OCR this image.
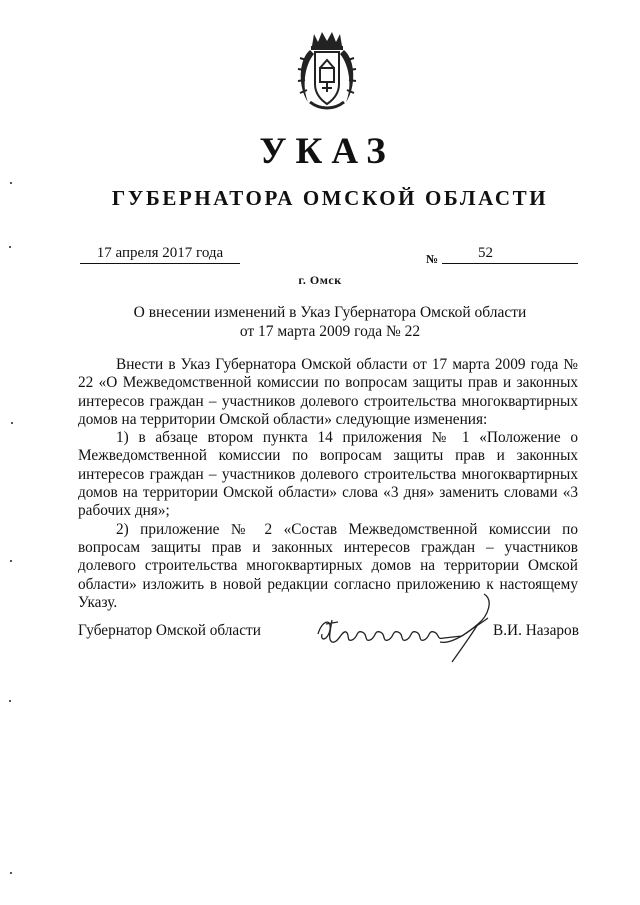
УКАЗ
ГУБЕРНАТОРА ОМСКОЙ ОБЛАСТИ
17 апреля 2017 года	№	52
г. Омск
О внесении изменений в Указ Губернатора Омской области
от 17 марта 2009 года № 22

Внести в Указ Губернатора Омской области от 17 марта 2009 года № 22 «О Межведомственной комиссии по вопросам защиты прав и законных интересов граждан – участников долевого строительства многоквартирных домов на территории Омской области» следующие изменения:

1) в абзаце втором пункта 14 приложения № 1 «Положение о Межведомственной комиссии по вопросам защиты прав и законных интересов граждан – участников долевого строительства многоквартирных домов на территории Омской области» слова «3 дня» заменить словами «3 рабочих дня»;

2) приложение № 2 «Состав Межведомственной комиссии по вопросам защиты прав и законных интересов граждан – участников долевого строительства многоквартирных домов на территории Омской области» изложить в новой редакции согласно приложению к настоящему Указу.

Губернатор Омской области	В.И. Назаров
